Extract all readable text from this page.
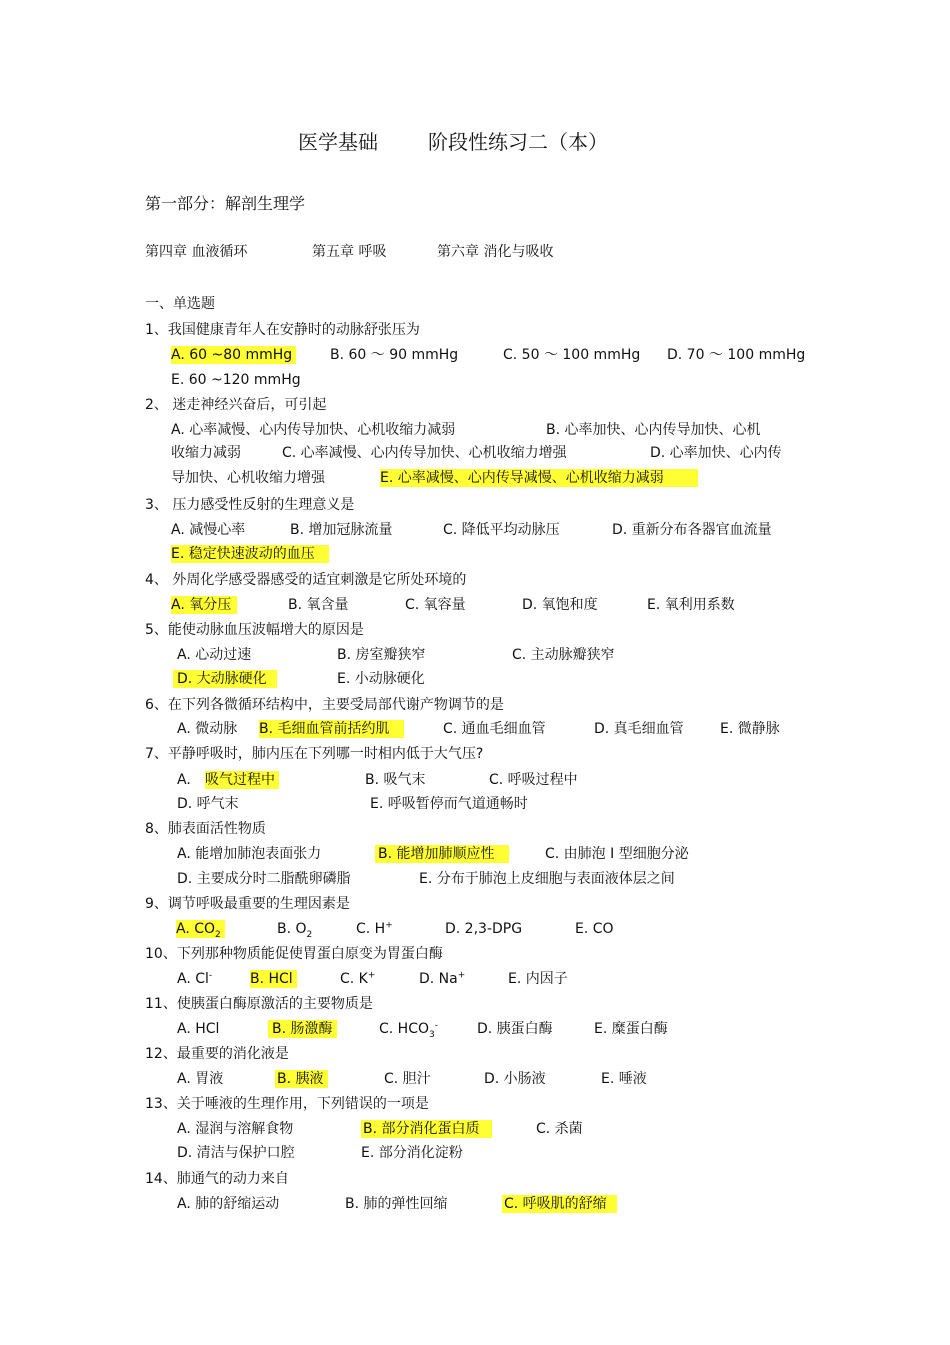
医学基础	阶段性练习二（本）
第一部分：解剖生理学
第四章 血液循环	第五章 呼吸	第六章 消化与吸收
一、单选题
1、我国健康青年人在安静时的动脉舒张压为
A. 60 ~80 mmHg	B. 60 ～ 90 mmHg	C. 50 ～ 100 mmHg D. 70 ～ 100 mmHg
E. 60 ~120 mmHg
2、 迷走神经兴奋后，可引起
A. 心率减慢、心内传导加快、心机收缩力减弱	B. 心率加快、心内传导加快、心机
收缩力减弱	C. 心率减慢、心内传导加快、心机收缩力增强	D. 心率加快、心内传
导加快、心机收缩力增强	E. 心率减慢、心内传导减慢、心机收缩力减弱
3、 压力感受性反射的生理意义是
A. 减慢心率	B. 增加冠脉流量	C. 降低平均动脉压	D. 重新分布各器官血流量
E. 稳定快速波动的血压
4、 外周化学感受器感受的适宜刺激是它所处环境的
A. 氧分压	B. 氧含量	C. 氧容量	D. 氧饱和度	E. 氧利用系数
5、能使动脉血压波幅增大的原因是
A. 心动过速	B. 房室瓣狭窄	C. 主动脉瓣狭窄
D. 大动脉硬化	E. 小动脉硬化
6、在下列各微循环结构中，主要受局部代谢产物调节的是
A. 微动脉 B. 毛细血管前括约肌	C. 通血毛细血管	D. 真毛细血管	E. 微静脉
7、平静呼吸时，肺内压在下列哪一时相内低于大气压?
A. 吸气过程中	B. 吸气末	C. 呼吸过程中
D. 呼气末	E. 呼吸暂停而气道通畅时
8、肺表面活性物质
A. 能增加肺泡表面张力	B. 能增加肺顺应性	C. 由肺泡 I 型细胞分泌
D. 主要成分时二脂酰卵磷脂	E. 分布于肺泡上皮细胞与表面液体层之间
9、调节呼吸最重要的生理因素是
A. $CO_2$	B. $O_2$	C. H+	D. 2,3-DPG	E. CO
10、下列那种物质能促使胃蛋白原变为胃蛋白酶
A. Cl-	B. HCl	C. K+	D. Na+	E. 内因子
11、使胰蛋白酶原激活的主要物质是
A. HCl	B. 肠激酶	C. $HCO_3^-$	D. 胰蛋白酶	E. 糜蛋白酶
12、最重要的消化液是
A. 胃液	B. 胰液	C. 胆汁	D. 小肠液	E. 唾液
13、关于唾液的生理作用，下列错误的一项是
A. 湿润与溶解食物	B. 部分消化蛋白质	C. 杀菌
D. 清洁与保护口腔	E. 部分消化淀粉
14、肺通气的动力来自
A. 肺的舒缩运动	B. 肺的弹性回缩	C. 呼吸肌的舒缩
